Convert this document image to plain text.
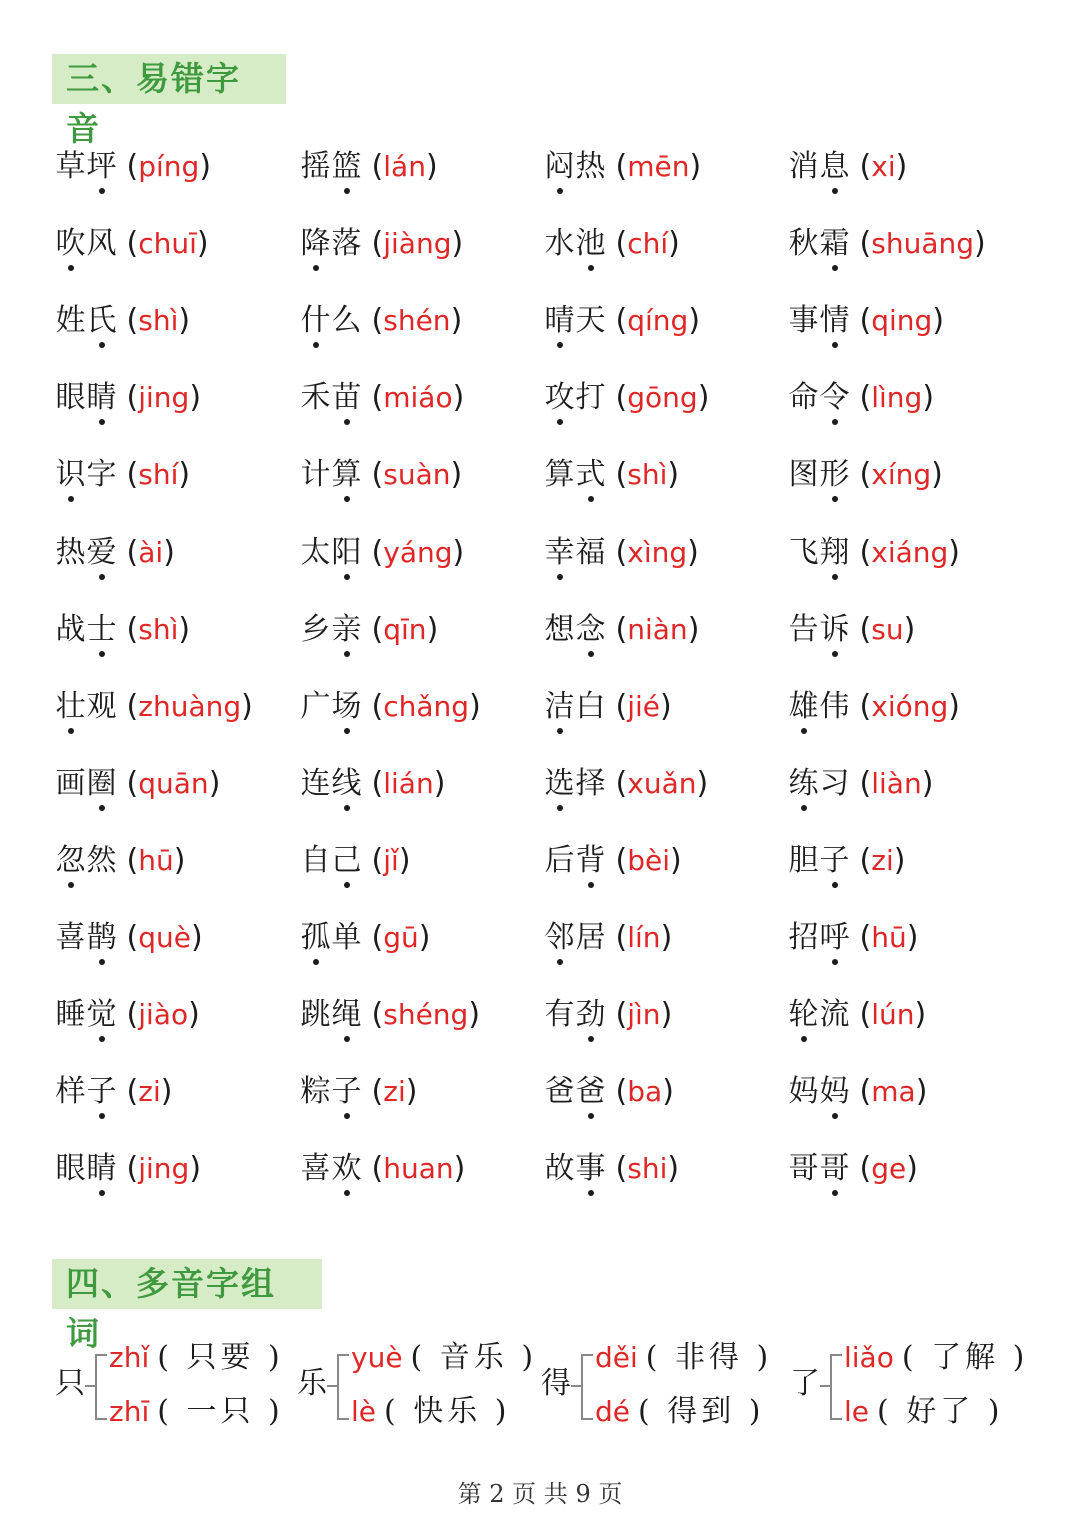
三、易错字音
草坪 (píng)	摇篮 (lán)	闷热 (mēn)	消息 (xi)
吹风 (chuī)	降落 (jiàng)	水池 (chí)	秋霜 (shuāng)
姓氏 (shì)	什么 (shén)	晴天 (qíng)	事情 (qing)
眼睛 (jing)	禾苗 (miáo)	攻打 (gōng)	命令 (lìng)
识字 (shí)	计算 (suàn)	算式 (shì)	图形 (xíng)
热爱 (ài)	太阳 (yáng)	幸福 (xìng)	飞翔 (xiáng)
战士 (shì)	乡亲 (qīn)	想念 (niàn)	告诉 (su)
壮观 (zhuàng) 广场 (chǎng) 洁白 (jié)	雄伟 (xióng)
画圈 (quān)	连线 (lián)	选择 (xuǎn)	练习 (liàn)
忽然 (hū)	自己 (jǐ)	后背 (bèi)	胆子 (zi)
喜鹊 (què)	孤单 (gū)	邻居 (lín)	招呼 (hū)
睡觉 (jiào)	跳绳 (shéng) 有劲 (jìn)	轮流 (lún)
样子 (zi)	粽子 (zi)	爸爸 (ba)	妈妈 (ma)
眼睛 (jing)	喜欢 (huan)	故事 (shi)	哥哥 (ge)
四、多音字组词
只
zhǐ ( 只要 )
zhī ( 一只 )
乐
yuè ( 音乐 )
lè ( 快乐 )
得
děi ( 非得 )
dé ( 得到 )
了
liǎo ( 了解 )
le ( 好了 )
第 2 页 共 9 页
